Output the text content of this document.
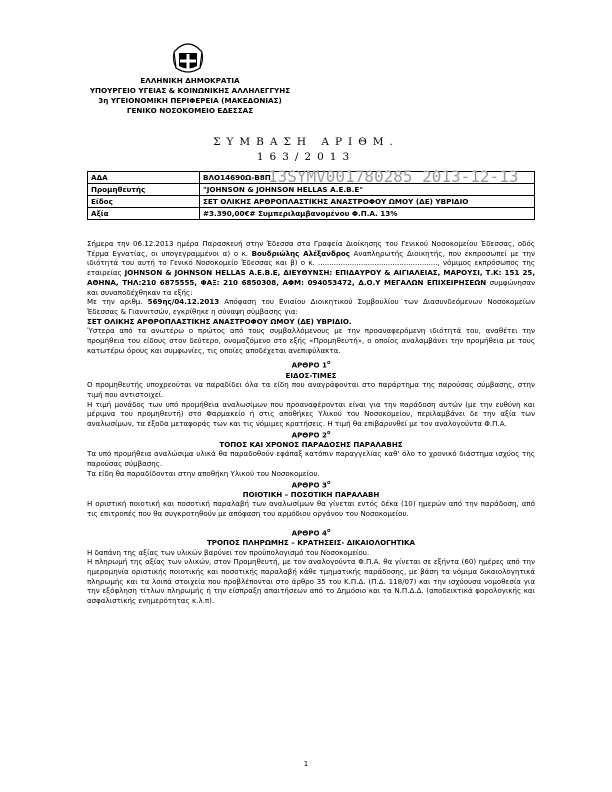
ΕΛΛΗΝΙΚΗ ΔΗΜΟΚΡΑΤΙΑ
ΥΠΟΥΡΓΕΙΟ ΥΓΕΙΑΣ & ΚΟΙΝΩΝΙΚΗΣ ΑΛΛΗΛΕΓΓΥΗΣ
3η ΥΓΕΙΟΝΟΜΙΚΗ ΠΕΡΙΦΕΡΕΙΑ (ΜΑΚΕΔΟΝΙΑΣ)
ΓΕΝΙΚΟ ΝΟΣΟΚΟΜΕΙΟ ΕΔΕΣΣΑΣ
ΣΥΜΒΑΣΗ ΑΡΙΘΜ.
163/2013
ΑΔΑ	ΒΛΟ14690Ω-Β8Π
Προμηθευτής	"JOHNSON & JOHNSON HELLAS A.E.B.E"
Είδος	ΣΕΤ ΟΛΙΚΗΣ ΑΡΘΡΟΠΛΑΣΤΙΚΗΣ ΑΝΑΣΤΡΟΦΟΥ ΩΜΟΥ (ΔΕ) ΥΒΡΙΔΙΟ
Αξία	#3.390,00€# Συμπεριλαμβανομένου Φ.Π.Α. 13%
13SYMV001780285 2013-12-13
Σήμερα την 06.12.2013 ημέρα Παρασκευή στην Έδεσσα στα Γραφεία Διοίκησης του Γενικού Νοσοκομείου Έδεσσας, οδός Τέρμα Εγνατίας, οι υπογεγραμμένοι α) ο κ. Βουδριώλης Αλέξανδρος Αναπληρωτής Διοικητής, που εκπροσωπεί με την ιδιότητά του αυτή το Γενικό Νοσοκομείο Έδεσσας και β) ο κ. ....................................................., νόμιμος εκπρόσωπος της εταιρείας JOHNSON & JOHNSON HELLAS A.E.B.E, ΔΙΕΥΘΥΝΣΗ: ΕΠΙΔΑΥΡΟΥ & ΑΙΓΙΑΛΕΙΑΣ, ΜΑΡΟΥΣΙ, Τ.Κ: 151 25, ΑΘΗΝΑ, ΤΗΛ:210 6875555, ΦΑΞ: 210 6850308, ΑΦΜ: 094053472, Δ.Ο.Υ ΜΕΓΑΛΩΝ ΕΠΙΧΕΙΡΗΣΕΩΝ συμφώνησαν και συναποδέχθηκαν τα εξής:
Με την αριθμ. 569ης/04.12.2013 Απόφαση του Ενιαίου Διοικητικού Συμβουλίου των Διασυνδεόμενων Νοσοκομείων Έδεσσας & Γιαννιτσών, εγκρίθηκε η σύναψη σύμβασης για:
ΣΕΤ ΟΛΙΚΗΣ ΑΡΘΡΟΠΛΑΣΤΙΚΗΣ ΑΝΑΣΤΡΟΦΟΥ ΩΜΟΥ (ΔΕ) ΥΒΡΙΔΙΟ.
Ύστερα από τα ανωτέρω ο πρώτος από τους συμβαλλόμενους με την προαναφερόμενη ιδιότητά του, αναθέτει την προμήθεια του είδους στον δεύτερο, ονομαζόμενο στο εξής «Προμηθευτή», ο οποίος αναλαμβάνει την προμήθεια με τους κατωτέρω όρους και συμφωνίες, τις οποίες αποδέχεται ανεπιφύλακτα.
ΑΡΘΡΟ 1$^o$
ΕΙΔΟΣ-ΤΙΜΕΣ
Ο προμηθευτής υποχρεούται να παραδίδει όλα τα είδη που αναγράφονται στο παράρτημα της παρούσας σύμβασης, στην τιμή που αντιστοιχεί.
Η τιμή μονάδος των υπό προμήθεια αναλωσίμων που προαναφέρονται είναι για την παράδοση αυτών (με την ευθύνη και μέριμνα του προμηθευτή) στο Φαρμακείο ή στις αποθήκες Υλικού του Νοσοκομείου, περιλαμβάνει δε την αξία των αναλωσίμων, τα έξοδα μεταφοράς των και τις νόμιμες κρατήσεις. Η τιμή θα επιβαρυνθεί με τον αναλογούντα Φ.Π.Α.
ΑΡΘΡΟ 2$^o$
ΤΟΠΟΣ ΚΑΙ ΧΡΟΝΟΣ ΠΑΡΑΔΟΣΗΣ ΠΑΡΑΛΑΒΗΣ
Τα υπό προμήθεια αναλώσιμα υλικά θα παραδοθούν εφάπαξ κατόπιν παραγγελίας καθ' όλο το χρονικό διάστημα ισχύος της παρούσας σύμβασης.
Τα είδη θα παραδίδονται στην αποθήκη Υλικού του Νοσοκομείου.
ΑΡΘΡΟ 3$^o$
ΠΟΙΟΤΙΚΗ – ΠΟΣΟΤΙΚΗ ΠΑΡΑΛΑΒΗ
Η οριστική ποιοτική και ποσοτική παραλαβή των αναλωσίμων θα γίνεται εντός δέκα (10) ημερών από την παράδοση, από τις επιτροπές που θα συγκροτηθούν με απόφαση του αρμόδιου οργάνου του Νοσοκομείου.
ΑΡΘΡΟ 4$^o$
ΤΡΟΠΟΣ ΠΛΗΡΩΜΗΣ – ΚΡΑΤΗΣΕΙΣ- ΔΙΚΑΙΟΛΟΓΗΤΙΚΑ
Η δαπάνη της αξίας των υλικών βαρύνει τον προϋπολογισμό του Νοσοκομείου.
Η πληρωμή της αξίας των υλικών, στον Προμηθευτή, με τον αναλογούντα Φ.Π.Α. θα γίνεται σε εξήντα (60) ημέρες από την ημερομηνία οριστικής ποιοτικής και ποσοτικής παραλαβή κάθε τμηματικής παράδοσης, με βάση τα νόμιμα δικαιολογητικά πληρωμής και τα λοιπά στοιχεία που προβλέπονται στο άρθρο 35 του Κ.Π.Δ. (Π.Δ. 118/07) και την ισχύουσα νομοθεσία για την εξόφληση τίτλων πληρωμής ή την είσπραξη απαιτήσεων από το Δημόσιο και τα Ν.Π.Δ.Δ. (αποδεικτικά φορολογικής και ασφαλιστικής ενημερότητας κ.λ.π).
1
